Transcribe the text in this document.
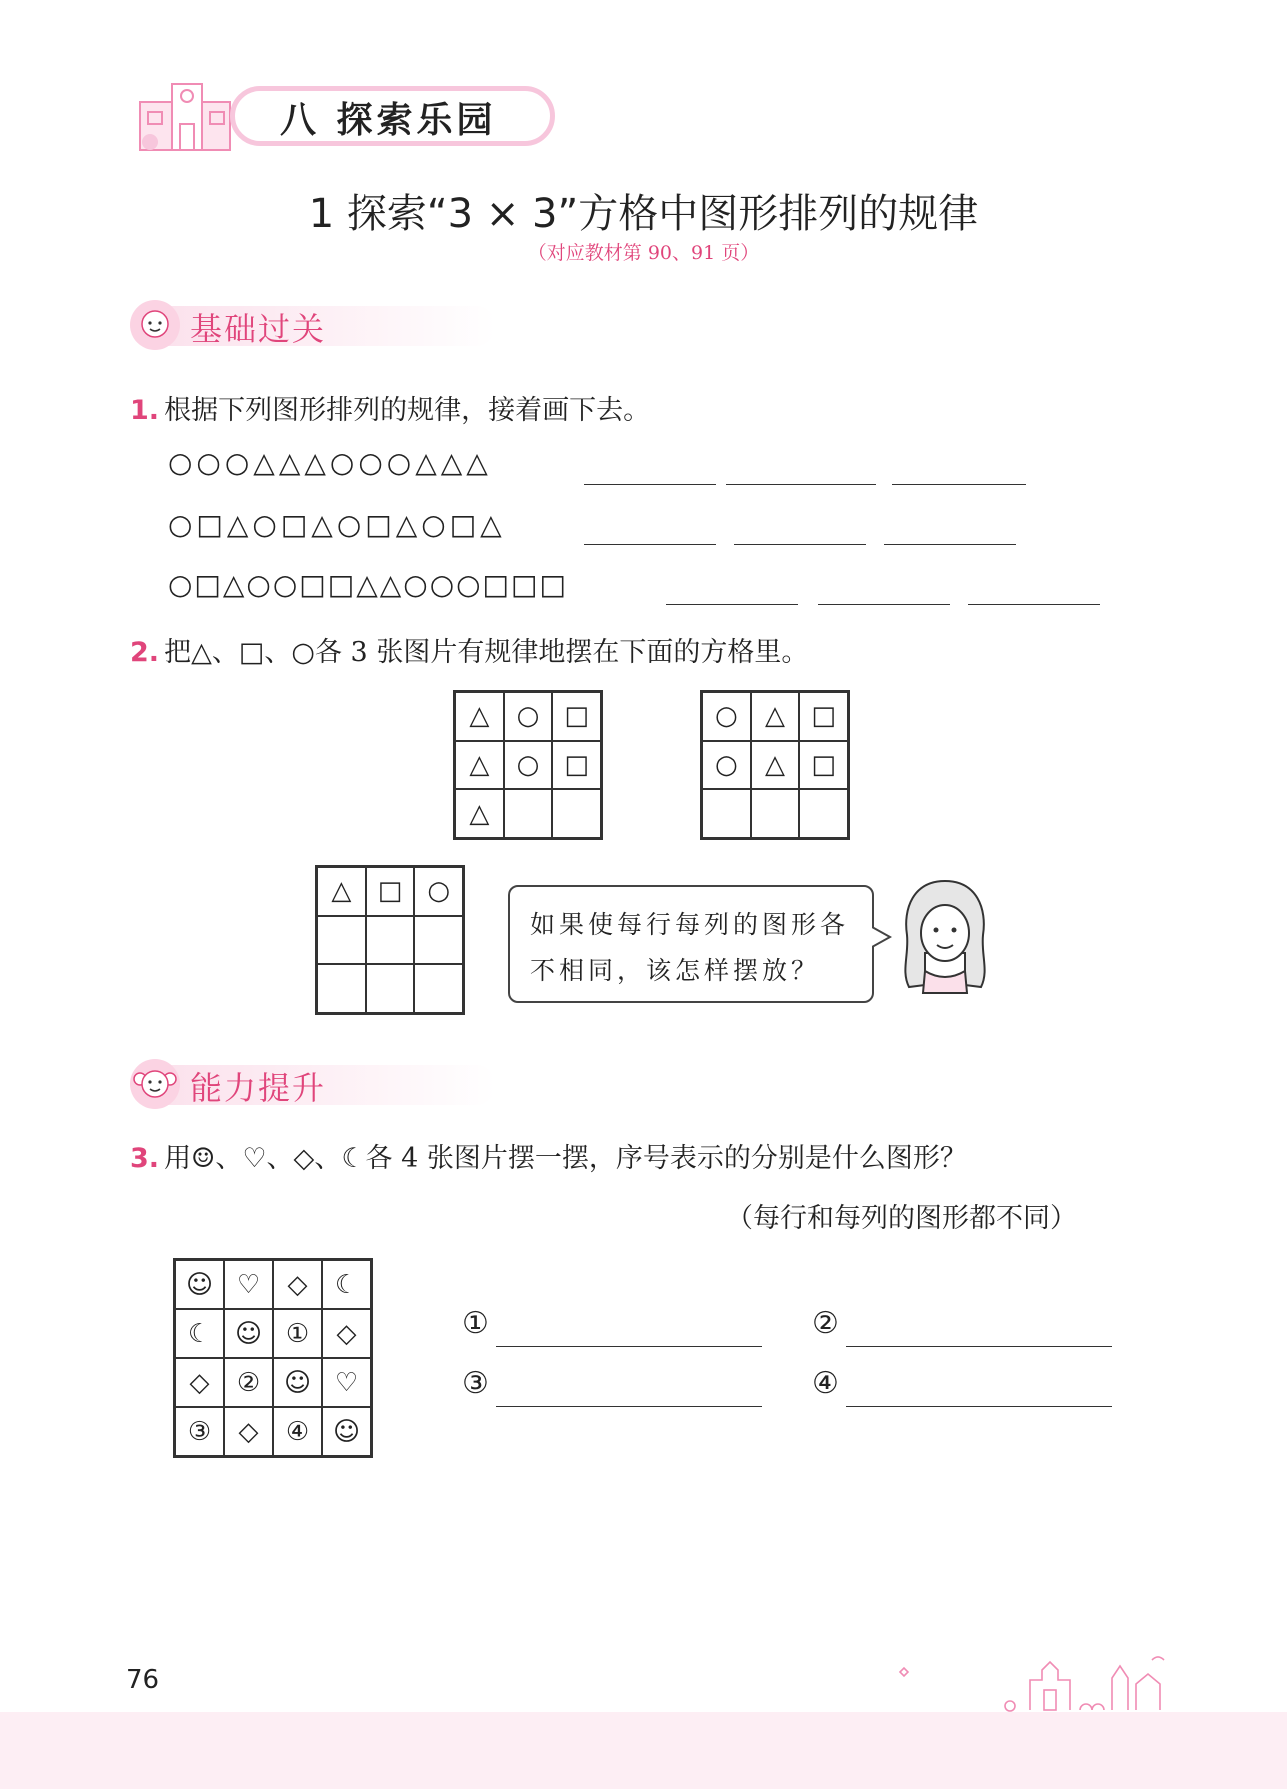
八 探索乐园
1 探索“3 × 3”方格中图形排列的规律
（对应教材第 90、91 页）
基础过关
1. 根据下列图形排列的规律，接着画下去。
○○○△△△○○○△△△
○□△○□△○□△○□△
○□△○○□□△△○○○□□□
2. 把△、□、○各 3 张图片有规律地摆在下面的方格里。
△	○ □
△	○ □
△
○	△	□
○	△	□
△	□ ○
如果使每行每列的图形各
不相同，该怎样摆放？
能力提升
3. 用☺、♡、◇、☾各 4 张图片摆一摆，序号表示的分别是什么图形？
（每行和每列的图形都不同）
☺ ♡	◇	☾
☾ ☺ ①	◇
◇	② ☺ ♡
③	◇	④ ☺
①	②
③	④
76
